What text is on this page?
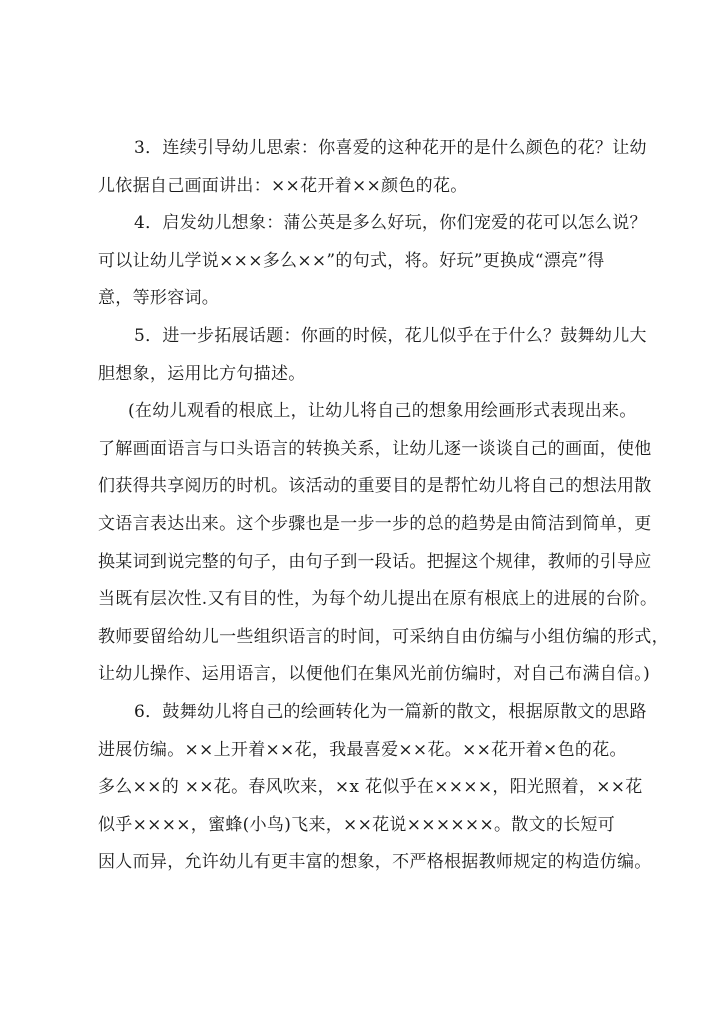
3．连续引导幼儿思索：你喜爱的这种花开的是什么颜色的花？让幼
儿依据自己画面讲出：××花开着××颜色的花。
4．启发幼儿想象：蒲公英是多么好玩，你们宠爱的花可以怎么说？
可以让幼儿学说×××多么××”的句式，将。好玩”更换成“漂亮”得
意，等形容词。
5．进一步拓展话题：你画的时候，花儿似乎在于什么？鼓舞幼儿大
胆想象，运用比方句描述。
(在幼儿观看的根底上，让幼儿将自己的想象用绘画形式表现出来。
了解画面语言与口头语言的转换关系，让幼儿逐一谈谈自己的画面，使他
们获得共享阅历的时机。该活动的重要目的是帮忙幼儿将自己的想法用散
文语言表达出来。这个步骤也是一步一步的总的趋势是由简洁到简单，更
换某词到说完整的句子，由句子到一段话。把握这个规律，教师的引导应
当既有层次性.又有目的性，为每个幼儿提出在原有根底上的进展的台阶。
教师要留给幼儿一些组织语言的时间，可采纳自由仿编与小组仿编的形式，
让幼儿操作、运用语言，以便他们在集风光前仿编时，对自己布满自信。)
6．鼓舞幼儿将自己的绘画转化为一篇新的散文，根据原散文的思路
进展仿编。××上开着××花，我最喜爱××花。××花开着×色的花。
多么××的 ××花。春风吹来，×x 花似乎在××××，阳光照着，××花
似乎××××，蜜蜂(小鸟)飞来，××花说××××××。散文的长短可
因人而异，允许幼儿有更丰富的想象，不严格根据教师规定的构造仿编。
